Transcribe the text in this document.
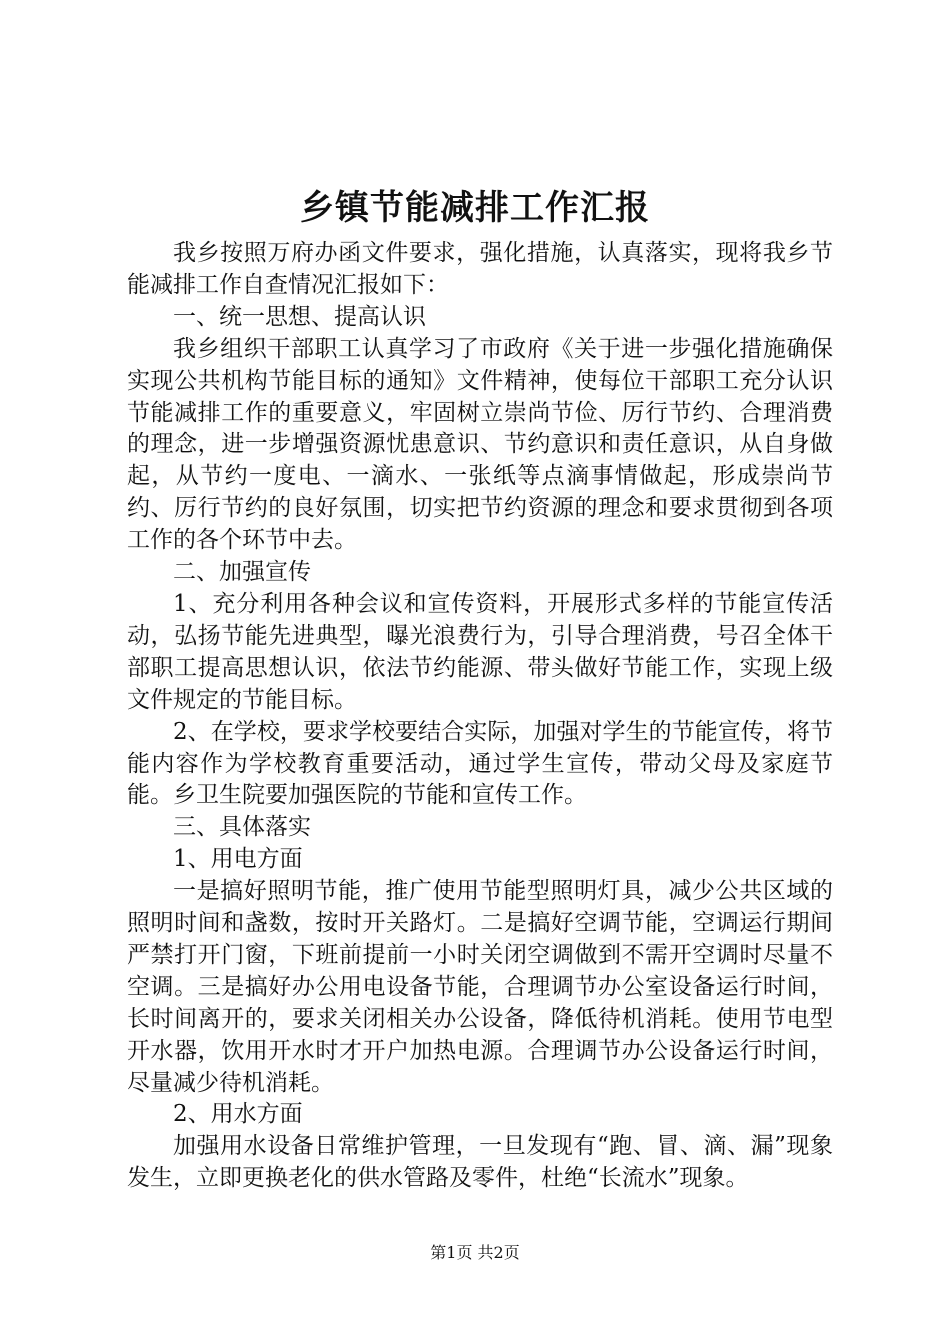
乡镇节能减排工作汇报

我乡按照万府办函文件要求，强化措施，认真落实，现将我乡节能减排工作自查情况汇报如下：

一、统一思想、提高认识

我乡组织干部职工认真学习了市政府《关于进一步强化措施确保实现公共机构节能目标的通知》文件精神，使每位干部职工充分认识节能减排工作的重要意义，牢固树立崇尚节俭、厉行节约、合理消费的理念，进一步增强资源忧患意识、节约意识和责任意识，从自身做起，从节约一度电、一滴水、一张纸等点滴事情做起，形成崇尚节约、厉行节约的良好氛围，切实把节约资源的理念和要求贯彻到各项工作的各个环节中去。

二、加强宣传

1、充分利用各种会议和宣传资料，开展形式多样的节能宣传活动，弘扬节能先进典型，曝光浪费行为，引导合理消费，号召全体干部职工提高思想认识，依法节约能源、带头做好节能工作，实现上级文件规定的节能目标。

2、在学校，要求学校要结合实际，加强对学生的节能宣传，将节能内容作为学校教育重要活动，通过学生宣传，带动父母及家庭节能。乡卫生院要加强医院的节能和宣传工作。

三、具体落实

1、用电方面

一是搞好照明节能，推广使用节能型照明灯具，减少公共区域的照明时间和盏数，按时开关路灯。二是搞好空调节能，空调运行期间严禁打开门窗，下班前提前一小时关闭空调做到不需开空调时尽量不空调。三是搞好办公用电设备节能，合理调节办公室设备运行时间，长时间离开的，要求关闭相关办公设备，降低待机消耗。使用节电型开水器，饮用开水时才开户加热电源。合理调节办公设备运行时间，尽量减少待机消耗。

2、用水方面

加强用水设备日常维护管理，一旦发现有“跑、冒、滴、漏”现象发生，立即更换老化的供水管路及零件，杜绝“长流水”现象。

第1页 共2页
